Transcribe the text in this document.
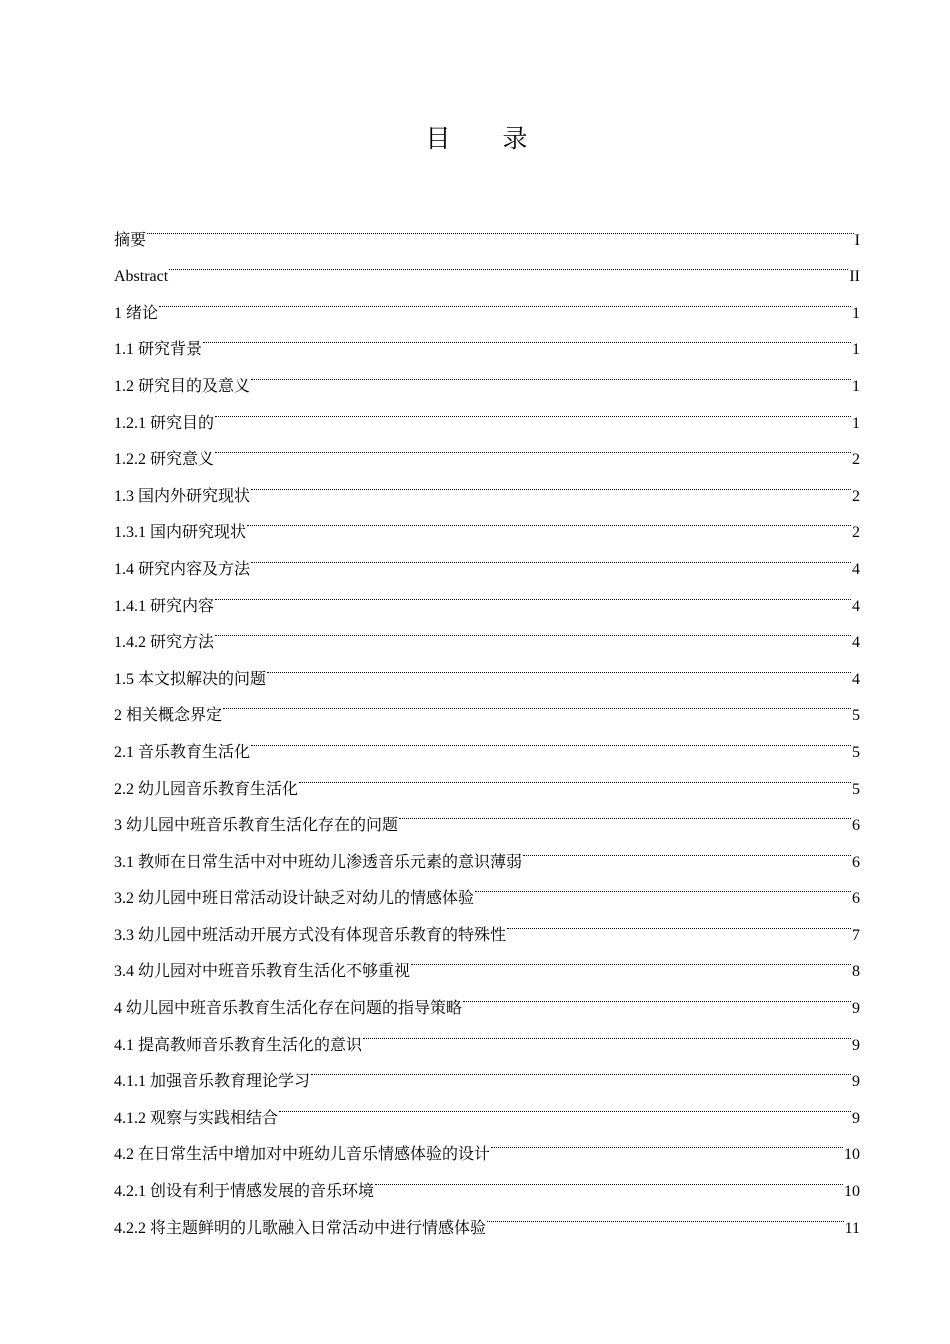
目 录
摘要	I
Abstract	II
1 绪论	1
1.1 研究背景	1
1.2 研究目的及意义	1
1.2.1 研究目的	1
1.2.2 研究意义	2
1.3 国内外研究现状	2
1.3.1 国内研究现状	2
1.4 研究内容及方法	4
1.4.1 研究内容	4
1.4.2 研究方法	4
1.5 本文拟解决的问题	4
2 相关概念界定	5
2.1 音乐教育生活化	5
2.2 幼儿园音乐教育生活化	5
3 幼儿园中班音乐教育生活化存在的问题	6
3.1 教师在日常生活中对中班幼儿渗透音乐元素的意识薄弱	6
3.2 幼儿园中班日常活动设计缺乏对幼儿的情感体验	6
3.3 幼儿园中班活动开展方式没有体现音乐教育的特殊性	7
3.4 幼儿园对中班音乐教育生活化不够重视	8
4 幼儿园中班音乐教育生活化存在问题的指导策略	9
4.1 提高教师音乐教育生活化的意识	9
4.1.1 加强音乐教育理论学习	9
4.1.2 观察与实践相结合	9
4.2 在日常生活中增加对中班幼儿音乐情感体验的设计	10
4.2.1 创设有利于情感发展的音乐环境	10
4.2.2 将主题鲜明的儿歌融入日常活动中进行情感体验	11
